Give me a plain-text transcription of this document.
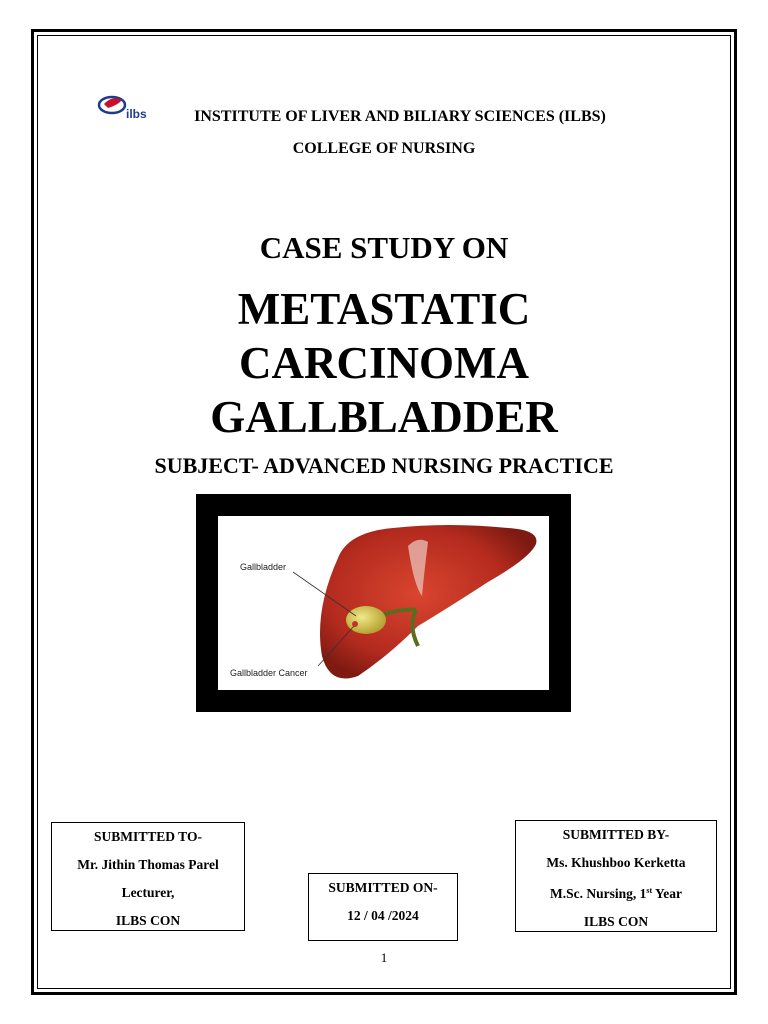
ilbs	INSTITUTE OF LIVER AND BILIARY SCIENCES (ILBS)
COLLEGE OF NURSING
CASE STUDY ON
METASTATIC
CARCINOMA
GALLBLADDER
SUBJECT- ADVANCED NURSING PRACTICE
Gallbladder
Gallbladder Cancer
SUBMITTED TO-
Mr. Jithin Thomas Parel
Lecturer,
ILBS CON
SUBMITTED ON-
12 / 04 /2024
SUBMITTED BY-
Ms. Khushboo Kerketta
M.Sc. Nursing, 1st Year
ILBS CON
1
